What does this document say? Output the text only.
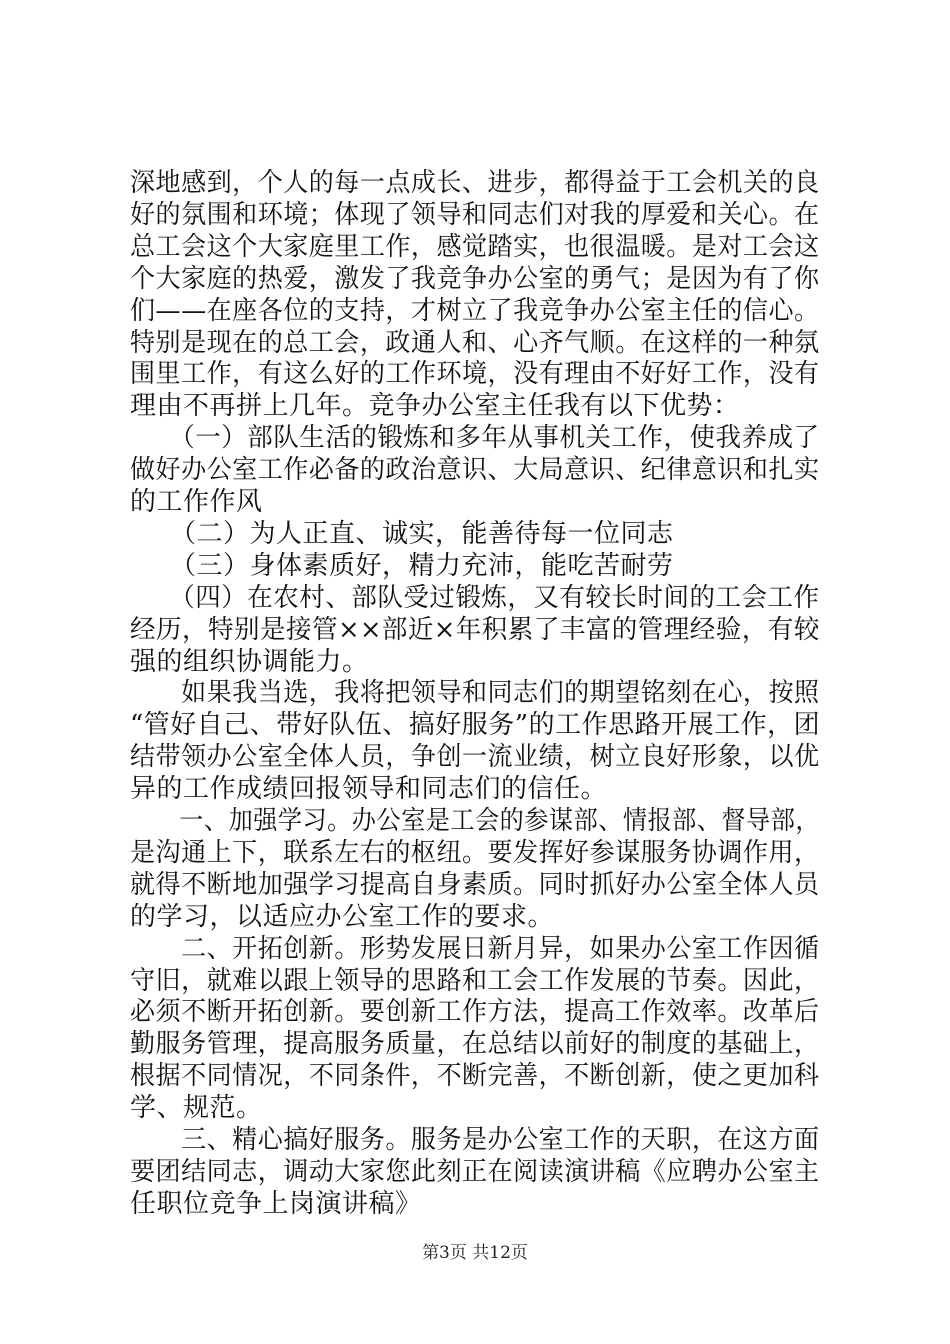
深地感到，个人的每一点成长、进步，都得益于工会机关的良
好的氛围和环境；体现了领导和同志们对我的厚爱和关心。在
总工会这个大家庭里工作，感觉踏实，也很温暖。是对工会这
个大家庭的热爱，激发了我竞争办公室的勇气；是因为有了你
们——在座各位的支持，才树立了我竞争办公室主任的信心。
特别是现在的总工会，政通人和、心齐气顺。在这样的一种氛
围里工作，有这么好的工作环境，没有理由不好好工作，没有
理由不再拼上几年。竞争办公室主任我有以下优势：
　　（一）部队生活的锻炼和多年从事机关工作，使我养成了
做好办公室工作必备的政治意识、大局意识、纪律意识和扎实
的工作作风
　　（二）为人正直、诚实，能善待每一位同志
　　（三）身体素质好，精力充沛，能吃苦耐劳
　　（四）在农村、部队受过锻炼，又有较长时间的工会工作
经历，特别是接管××部近×年积累了丰富的管理经验，有较
强的组织协调能力。
　　如果我当选，我将把领导和同志们的期望铭刻在心，按照
“管好自己、带好队伍、搞好服务”的工作思路开展工作，团
结带领办公室全体人员，争创一流业绩，树立良好形象，以优
异的工作成绩回报领导和同志们的信任。
　　一、加强学习。办公室是工会的参谋部、情报部、督导部，
是沟通上下，联系左右的枢纽。要发挥好参谋服务协调作用，
就得不断地加强学习提高自身素质。同时抓好办公室全体人员
的学习，以适应办公室工作的要求。
　　二、开拓创新。形势发展日新月异，如果办公室工作因循
守旧，就难以跟上领导的思路和工会工作发展的节奏。因此，
必须不断开拓创新。要创新工作方法，提高工作效率。改革后
勤服务管理，提高服务质量，在总结以前好的制度的基础上，
根据不同情况，不同条件，不断完善，不断创新，使之更加科
学、规范。
　　三、精心搞好服务。服务是办公室工作的天职，在这方面
要团结同志，调动大家您此刻正在阅读演讲稿《应聘办公室主
任职位竞争上岗演讲稿》
第3页 共12页
